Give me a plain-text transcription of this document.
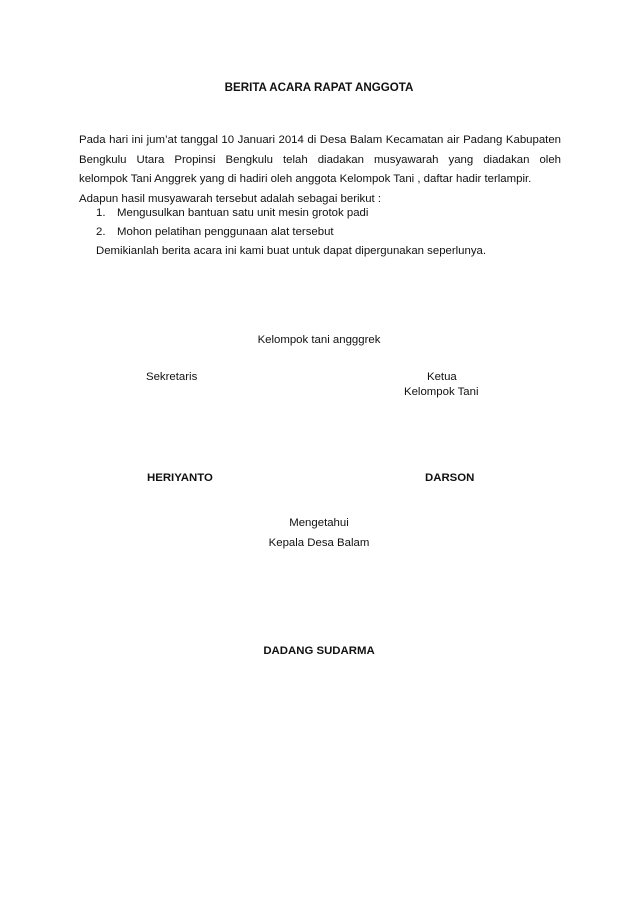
BERITA ACARA RAPAT ANGGOTA
Pada hari ini jum’at tanggal 10 Januari 2014 di Desa Balam Kecamatan air Padang Kabupaten
Bengkulu Utara Propinsi Bengkulu telah diadakan musyawarah yang diadakan oleh
kelompok Tani Anggrek yang di hadiri oleh anggota Kelompok Tani , daftar hadir terlampir.
Adapun hasil musyawarah tersebut adalah sebagai berikut :
1. Mengusulkan bantuan satu unit mesin grotok padi
2. Mohon pelatihan penggunaan alat tersebut
Demikianlah berita acara ini kami buat untuk dapat dipergunakan seperlunya.
Kelompok tani angggrek
Sekretaris	Ketua
Kelompok Tani
HERIYANTO	DARSON
Mengetahui
Kepala Desa Balam
DADANG SUDARMA
